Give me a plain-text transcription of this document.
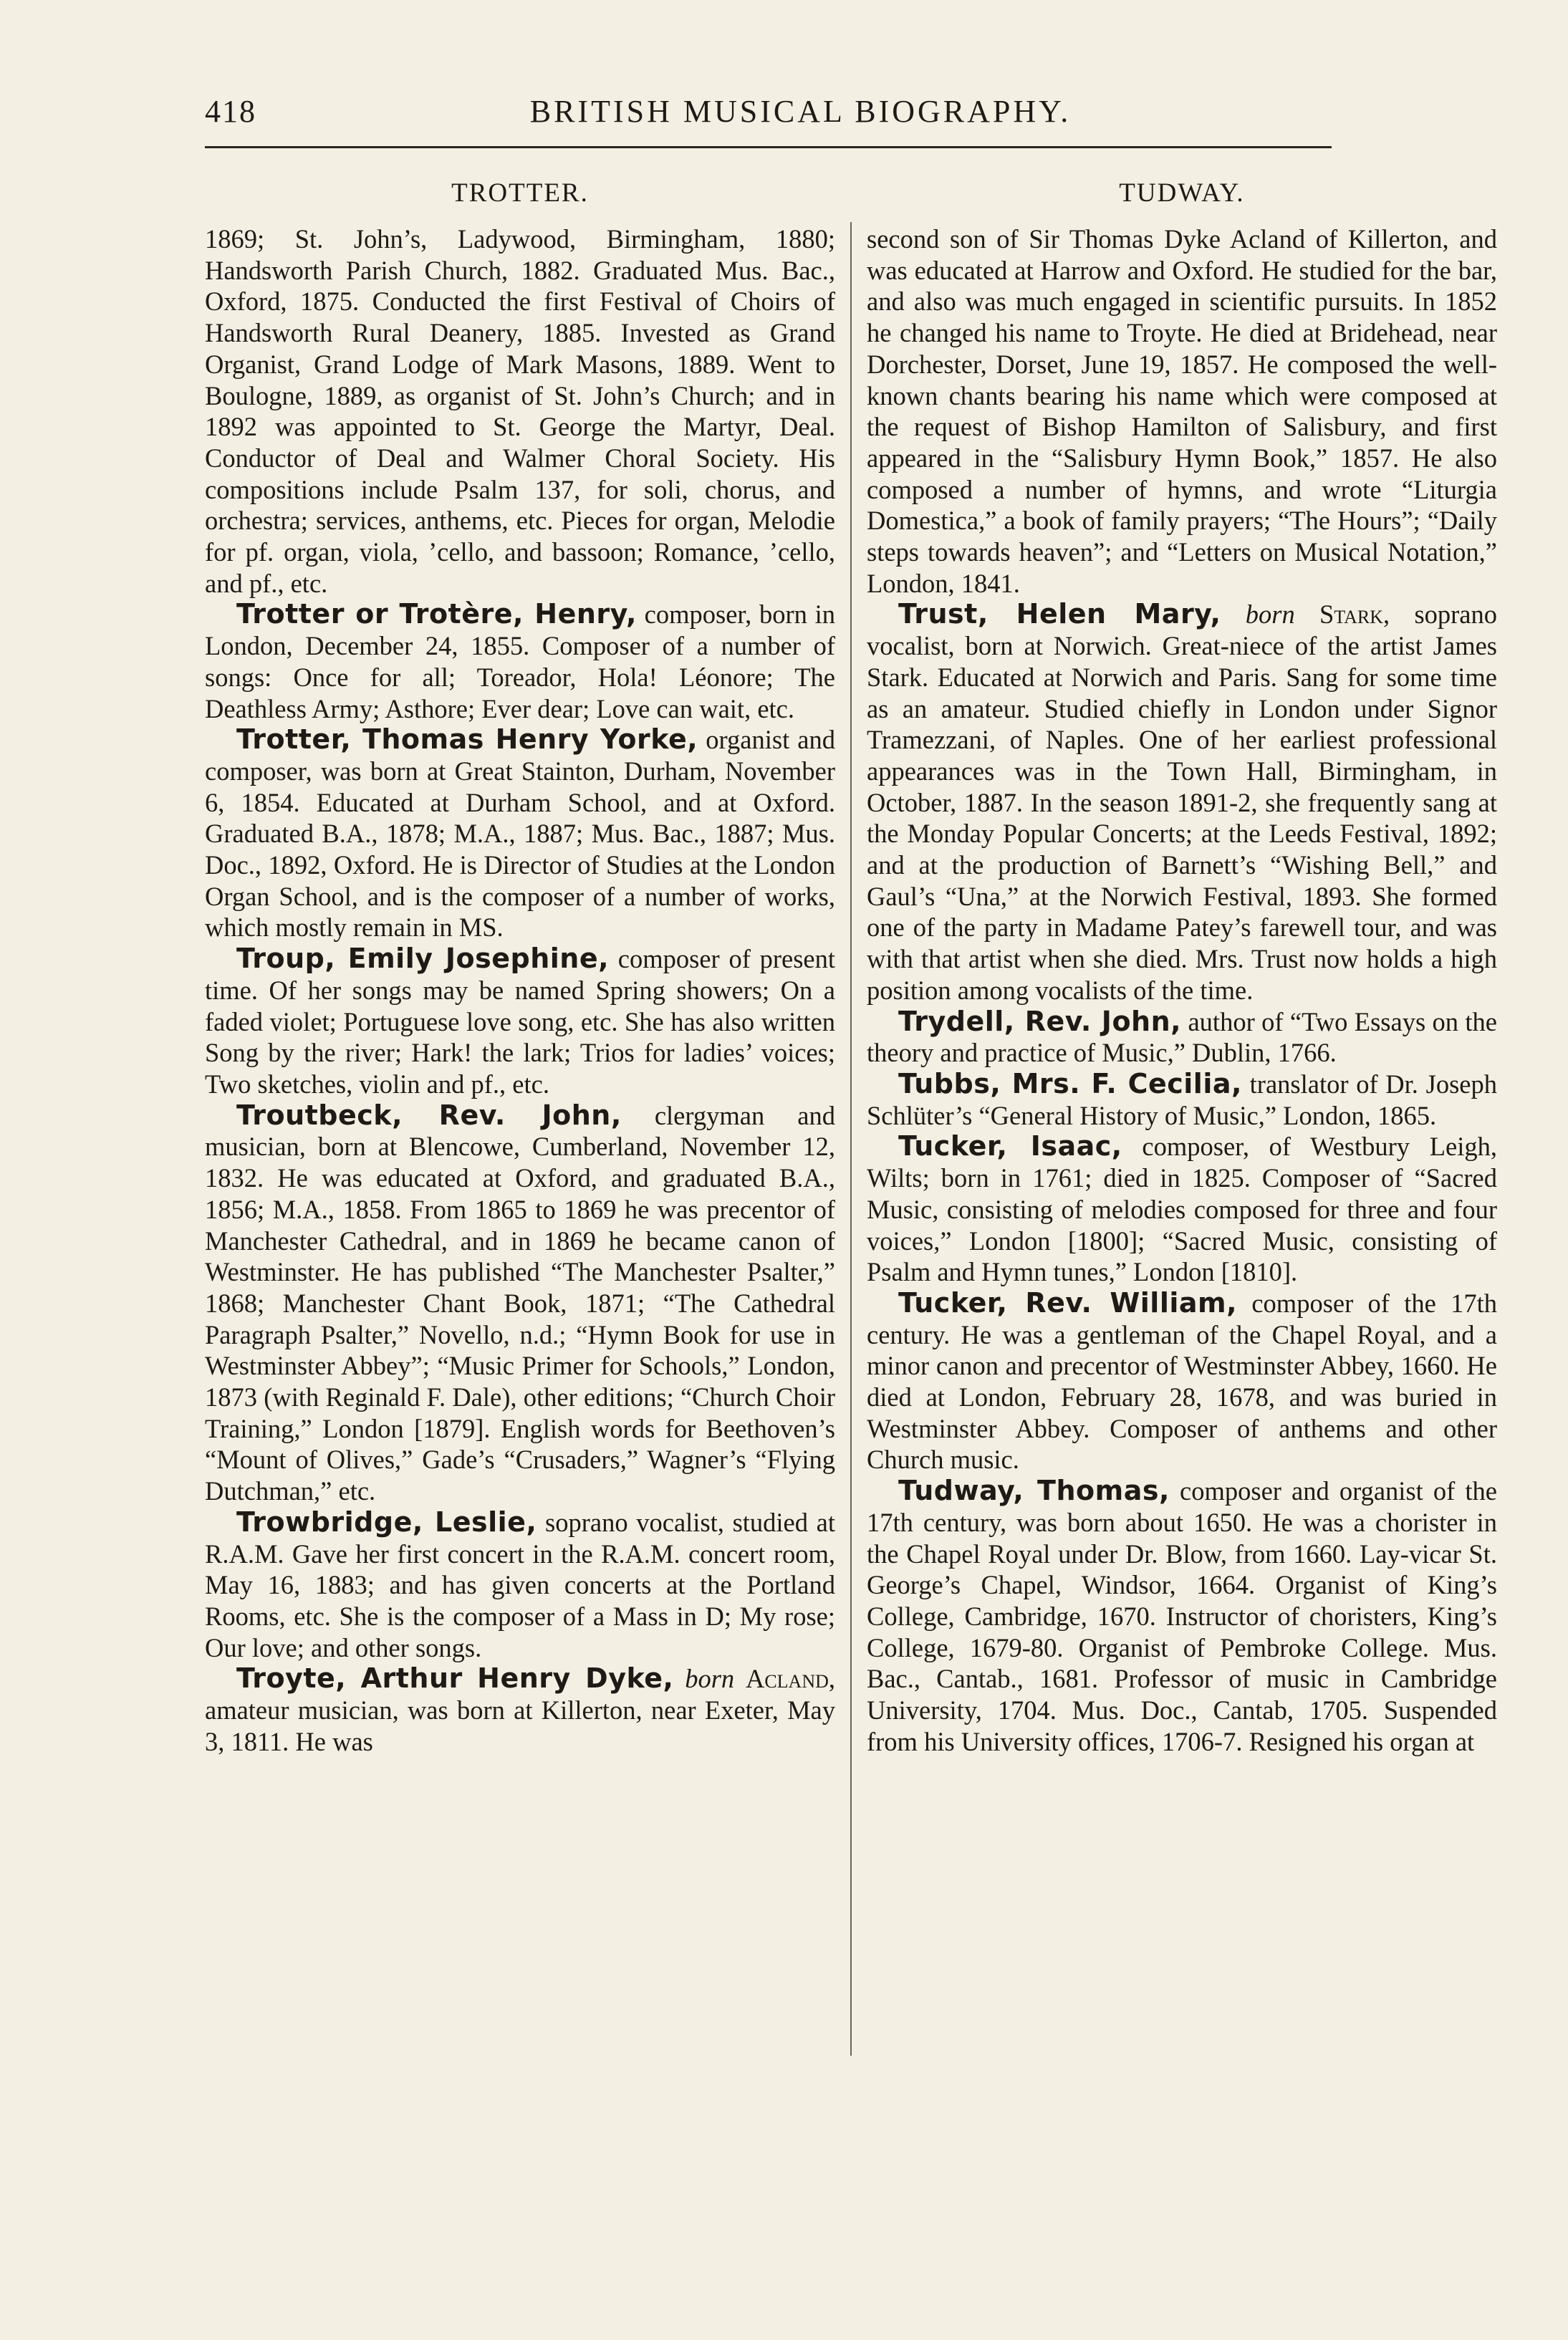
418	BRITISH MUSICAL BIOGRAPHY.
TROTTER.

1869; St. John’s, Ladywood, Birmingham, 1880; Handsworth Parish Church, 1882. Graduated Mus. Bac., Oxford, 1875. Conducted the first Festival of Choirs of Handsworth Rural Deanery, 1885. Invested as Grand Organist, Grand Lodge of Mark Masons, 1889. Went to Boulogne, 1889, as organist of St. John’s Church; and in 1892 was appointed to St. George the Martyr, Deal. Conductor of Deal and Walmer Choral Society. His compositions include Psalm 137, for soli, chorus, and orchestra; services, anthems, etc. Pieces for organ, Melodie for pf. organ, viola, ’cello, and bassoon; Romance, ’cello, and pf., etc.

Trotter or Trotère, Henry, composer, born in London, December 24, 1855. Composer of a number of songs: Once for all; Toreador, Hola! Léonore; The Deathless Army; Asthore; Ever dear; Love can wait, etc.

Trotter, Thomas Henry Yorke, organist and composer, was born at Great Stainton, Durham, November 6, 1854. Educated at Durham School, and at Oxford. Graduated B.A., 1878; M.A., 1887; Mus. Bac., 1887; Mus. Doc., 1892, Oxford. He is Director of Studies at the London Organ School, and is the composer of a number of works, which mostly remain in MS.

Troup, Emily Josephine, composer of present time. Of her songs may be named Spring showers; On a faded violet; Portuguese love song, etc. She has also written Song by the river; Hark! the lark; Trios for ladies’ voices; Two sketches, violin and pf., etc.

Troutbeck, Rev. John, clergyman and musician, born at Blencowe, Cumberland, November 12, 1832. He was educated at Oxford, and graduated B.A., 1856; M.A., 1858. From 1865 to 1869 he was precentor of Manchester Cathedral, and in 1869 he became canon of Westminster. He has published “The Manchester Psalter,” 1868; Manchester Chant Book, 1871; “The Cathedral Paragraph Psalter,” Novello, n.d.; “Hymn Book for use in Westminster Abbey”; “Music Primer for Schools,” London, 1873 (with Reginald F. Dale), other editions; “Church Choir Training,” London [1879]. English words for Beethoven’s “Mount of Olives,” Gade’s “Crusaders,” Wagner’s “Flying Dutchman,” etc.

Trowbridge, Leslie, soprano vocalist, studied at R.A.M. Gave her first concert in the R.A.M. concert room, May 16, 1883; and has given concerts at the Portland Rooms, etc. She is the composer of a Mass in D; My rose; Our love; and other songs.

Troyte, Arthur Henry Dyke, born Acland, amateur musician, was born at Killerton, near Exeter, May 3, 1811. He was

TUDWAY.

second son of Sir Thomas Dyke Acland of Killerton, and was educated at Harrow and Oxford. He studied for the bar, and also was much engaged in scientific pursuits. In 1852 he changed his name to Troyte. He died at Bridehead, near Dorchester, Dorset, June 19, 1857. He composed the well-known chants bearing his name which were composed at the request of Bishop Hamilton of Salisbury, and first appeared in the “Salisbury Hymn Book,” 1857. He also composed a number of hymns, and wrote “Liturgia Domestica,” a book of family prayers; “The Hours”; “Daily steps towards heaven”; and “Letters on Musical Notation,” London, 1841.

Trust, Helen Mary, born Stark, soprano vocalist, born at Norwich. Great-niece of the artist James Stark. Educated at Norwich and Paris. Sang for some time as an amateur. Studied chiefly in London under Signor Tramezzani, of Naples. One of her earliest professional appearances was in the Town Hall, Birmingham, in October, 1887. In the season 1891-2, she frequently sang at the Monday Popular Concerts; at the Leeds Festival, 1892; and at the production of Barnett’s “Wishing Bell,” and Gaul’s “Una,” at the Norwich Festival, 1893. She formed one of the party in Madame Patey’s farewell tour, and was with that artist when she died. Mrs. Trust now holds a high position among vocalists of the time.

Trydell, Rev. John, author of “Two Essays on the theory and practice of Music,” Dublin, 1766.

Tubbs, Mrs. F. Cecilia, translator of Dr. Joseph Schlüter’s “General History of Music,” London, 1865.

Tucker, Isaac, composer, of Westbury Leigh, Wilts; born in 1761; died in 1825. Composer of “Sacred Music, consisting of melodies composed for three and four voices,” London [1800]; “Sacred Music, consisting of Psalm and Hymn tunes,” London [1810].

Tucker, Rev. William, composer of the 17th century. He was a gentleman of the Chapel Royal, and a minor canon and precentor of Westminster Abbey, 1660. He died at London, February 28, 1678, and was buried in Westminster Abbey. Composer of anthems and other Church music.

Tudway, Thomas, composer and organist of the 17th century, was born about 1650. He was a chorister in the Chapel Royal under Dr. Blow, from 1660. Lay-vicar St. George’s Chapel, Windsor, 1664. Organist of King’s College, Cambridge, 1670. Instructor of choristers, King’s College, 1679-80. Organist of Pembroke College. Mus. Bac., Cantab., 1681. Professor of music in Cambridge University, 1704. Mus. Doc., Cantab, 1705. Suspended from his University offices, 1706-7. Resigned his organ at
